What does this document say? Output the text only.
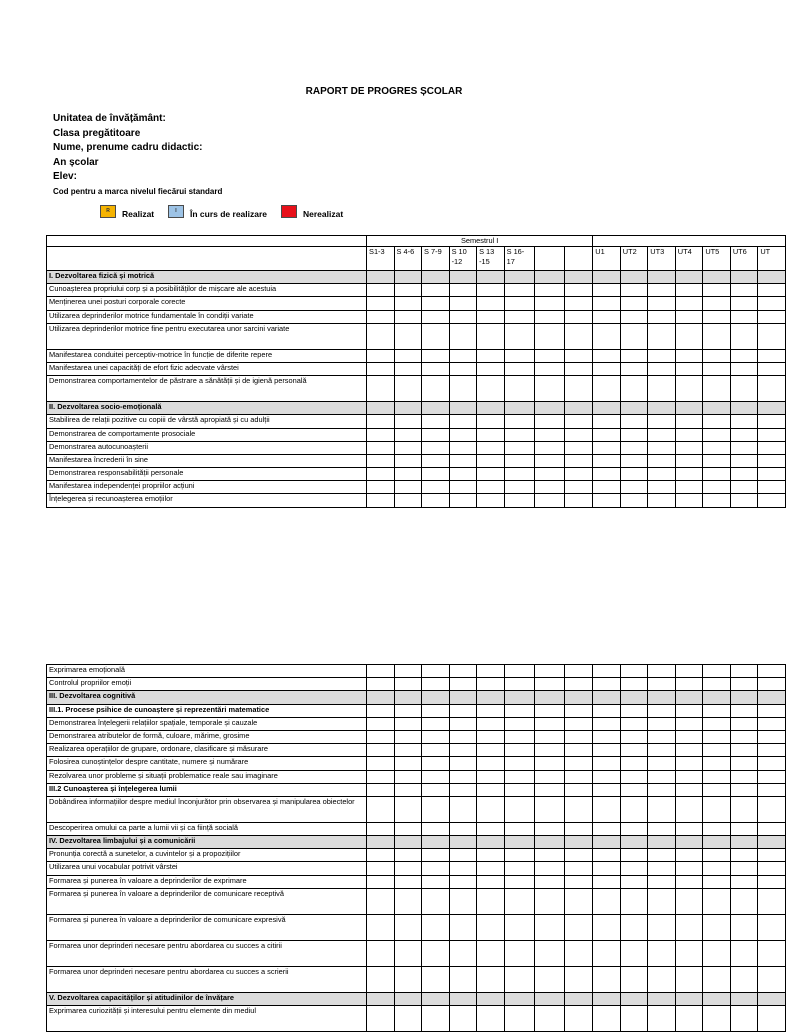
RAPORT DE PROGRES ȘCOLAR
Unitatea de învățământ:
Clasa pregătitoare
Nume, prenume cadru didactic:
An școlar
Elev:
Cod pentru a marca nivelul fiecărui standard
R	Realizat	I	În curs de realizare	Nerealizat
	Semestrul I														
	S1-3	S 4-6	S 7-9	S 10 -12	S 13 -15	S 16-17			U1	UT2	UT3	UT4	UT5	UT6	UT
I. Dezvoltarea fizică și motrică															
Cunoașterea propriului corp și a posibilităților de mișcare ale acestuia															
Menținerea unei posturi corporale corecte															
Utilizarea deprinderilor motrice fundamentale în condiții variate															
Utilizarea deprinderilor motrice fine pentru executarea unor sarcini variate															
Manifestarea conduitei perceptiv-motrice în funcție de diferite repere															
Manifestarea unei capacități de efort fizic adecvate vârstei															
Demonstrarea comportamentelor de păstrare a sănătății și de igienă personală															
II. Dezvoltarea socio-emoțională															
Stabilirea de relații pozitive cu copiii de vârstă apropiată și cu adulții															
Demonstrarea de comportamente prosociale															
Demonstrarea autocunoașterii															
Manifestarea încrederii în sine															
Demonstrarea responsabilității personale															
Manifestarea independenței propriilor acțiuni															
Înțelegerea și recunoașterea emoțiilor															
Exprimarea emoțională															
Controlul propriilor emoții															
III. Dezvoltarea cognitivă															
III.1. Procese psihice de cunoaștere și reprezentări matematice															
Demonstrarea înțelegerii relațiilor spațiale, temporale și cauzale															
Demonstrarea atributelor de formă, culoare, mărime, grosime															
Realizarea operațiilor de grupare, ordonare, clasificare și măsurare															
Folosirea cunoștințelor despre cantitate, numere și numărare															
Rezolvarea unor probleme și situații problematice reale sau imaginare															
III.2 Cunoașterea și înțelegerea lumii															
Dobândirea informațiilor despre mediul înconjurător prin observarea și manipularea obiectelor															
Descoperirea omului ca parte a lumii vii și ca ființă socială															
IV. Dezvoltarea limbajului și a comunicării															
Pronunția corectă a sunetelor, a cuvintelor și a propozițiilor															
Utilizarea unui vocabular potrivit vârstei															
Formarea și punerea în valoare a deprinderilor de exprimare															
Formarea și punerea în valoare a deprinderilor de comunicare receptivă															
Formarea și punerea în valoare a deprinderilor de comunicare expresivă															
Formarea unor deprinderi necesare pentru abordarea cu succes a citirii															
Formarea unor deprinderi necesare pentru abordarea cu succes a scrierii															
V. Dezvoltarea capacităților și atitudinilor de învățare															
Exprimarea curiozității și interesului pentru elemente din mediul															
